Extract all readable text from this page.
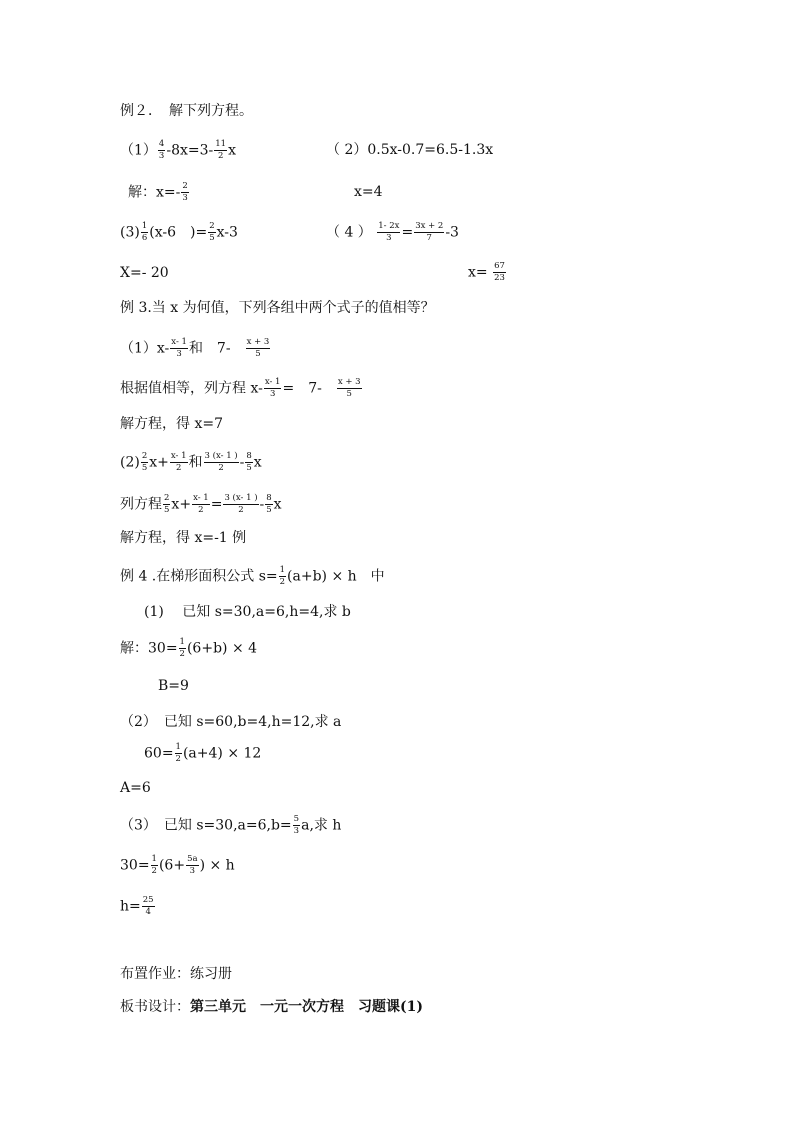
例２．　解下列方程。
$(1) \frac{4}{3} -8x=3- \frac{11}{2}$ x	（ 2）0.5x-0.7=6.5-1.3x
解：$x=- \frac{2}{3}$	x=4
$(3) \frac{1}{6} (x-6$　)= $\frac{2}{5} x-3$	（ 4 ） $\frac{1- 2x}{3} = \frac{3x + 2}{7} -3$
X=- 20	$x= \frac{67}{23}$
例 3.当 x 为何值，下列各组中两个式子的值相等？
$(1)x- \frac{x- 1}{3}$ 和　7-　 $\frac{x + 3}{5}$
根据值相等，列方程 $x- \frac{x- 1}{3}$ =　7-　 $\frac{x + 3}{5}$
解方程，得 x=7
$(2) \frac{2}{5} x+ \frac{x- 1}{2}$ 和 $\frac{3 (x- 1 )}{2} - \frac{8}{5}$ x
列方程 $\frac{2}{5} x+ \frac{x- 1}{2} = \frac{3 (x- 1 )}{2} - \frac{8}{5}$ x
解方程，得 x=-1 例
例 4 .在梯形面积公式 $s= \frac{1}{2} (a+b) \times h$　中
(1)　 已知 s=30,a=6,h=4,求 b
解：$30= \frac{1}{2} (6+b) \times 4$
B=9
（2）　已知 s=60,b=4,h=12,求 a
$60= \frac{1}{2} (a+4) \times 12$
A=6
（3）　已知 $s=30,a=6,b= \frac{5}{3} a$,求 h
$30= \frac{1}{2} (6+ \frac{5a}{3}$ ) × h
$h= \frac{25}{4}$
布置作业：练习册
板书设计：第三单元　一元一次方程　习题课(1)
